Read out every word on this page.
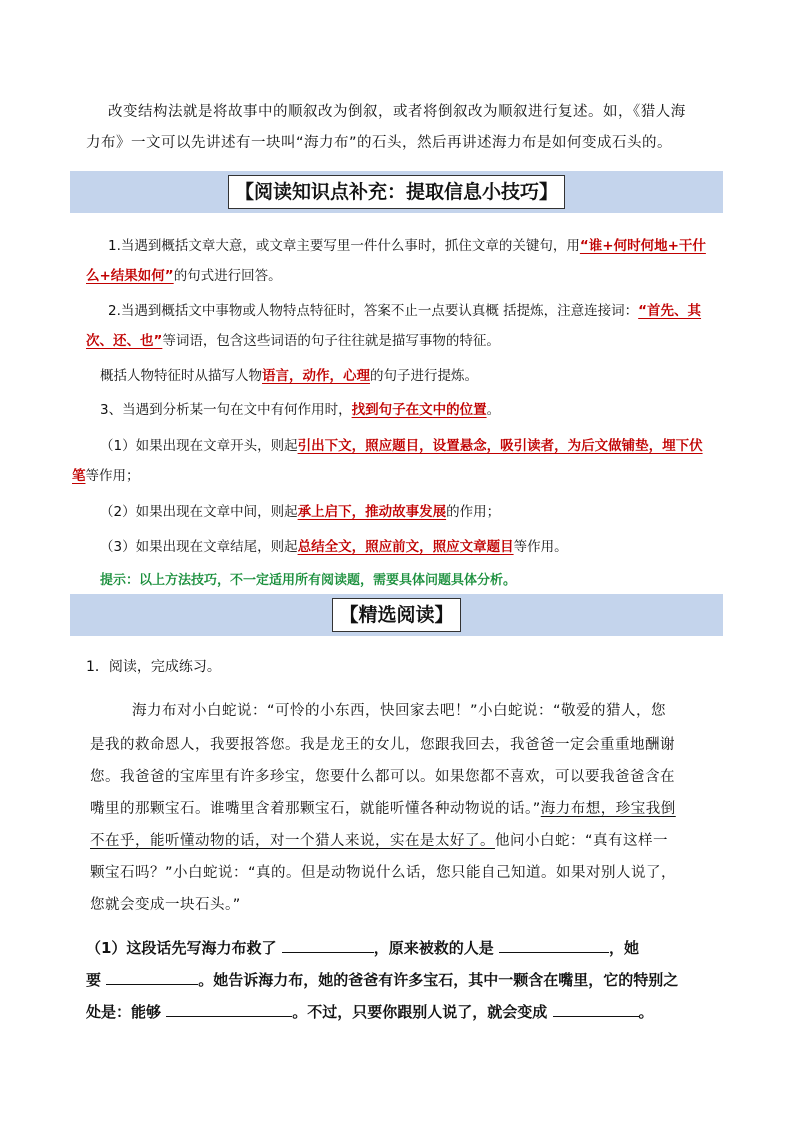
改变结构法就是将故事中的顺叙改为倒叙，或者将倒叙改为顺叙进行复述。如，《猎人海
力布》一文可以先讲述有一块叫“海力布”的石头，然后再讲述海力布是如何变成石头的。
【阅读知识点补充：提取信息小技巧】
1.当遇到概括文章大意，或文章主要写里一件什么事时，抓住文章的关键句，用“谁+何时何地+干什
么+结果如何”的句式进行回答。
2.当遇到概括文中事物或人物特点特征时，答案不止一点要认真概 括提炼，注意连接词：“首先、其
次、还、也”等词语，包含这些词语的句子往往就是描写事物的特征。
概括人物特征时从描写人物语言，动作，心理的句子进行提炼。
3、当遇到分析某一句在文中有何作用时，找到句子在文中的位置。
（1）如果出现在文章开头，则起引出下文，照应题目，设置悬念，吸引读者，为后文做铺垫，埋下伏
笔等作用；
（2）如果出现在文章中间，则起承上启下，推动故事发展的作用；
（3）如果出现在文章结尾，则起总结全文，照应前文，照应文章题目等作用。
提示：以上方法技巧，不一定适用所有阅读题，需要具体问题具体分析。
【精选阅读】
1．阅读，完成练习。
海力布对小白蛇说：“可怜的小东西，快回家去吧！”小白蛇说：“敬爱的猎人，您
是我的救命恩人，我要报答您。我是龙王的女儿，您跟我回去，我爸爸一定会重重地酬谢
您。我爸爸的宝库里有许多珍宝，您要什么都可以。如果您都不喜欢，可以要我爸爸含在
嘴里的那颗宝石。谁嘴里含着那颗宝石，就能听懂各种动物说的话。”海力布想，珍宝我倒
不在乎，能听懂动物的话，对一个猎人来说，实在是太好了。他问小白蛇：“真有这样一
颗宝石吗？”小白蛇说：“真的。但是动物说什么话，您只能自己知道。如果对别人说了，
您就会变成一块石头。”
（1）这段话先写海力布救了	，原来被救的人是	，她
要	。她告诉海力布，她的爸爸有许多宝石，其中一颗含在嘴里，它的特别之
处是：能够	。不过，只要你跟别人说了，就会变成	。
